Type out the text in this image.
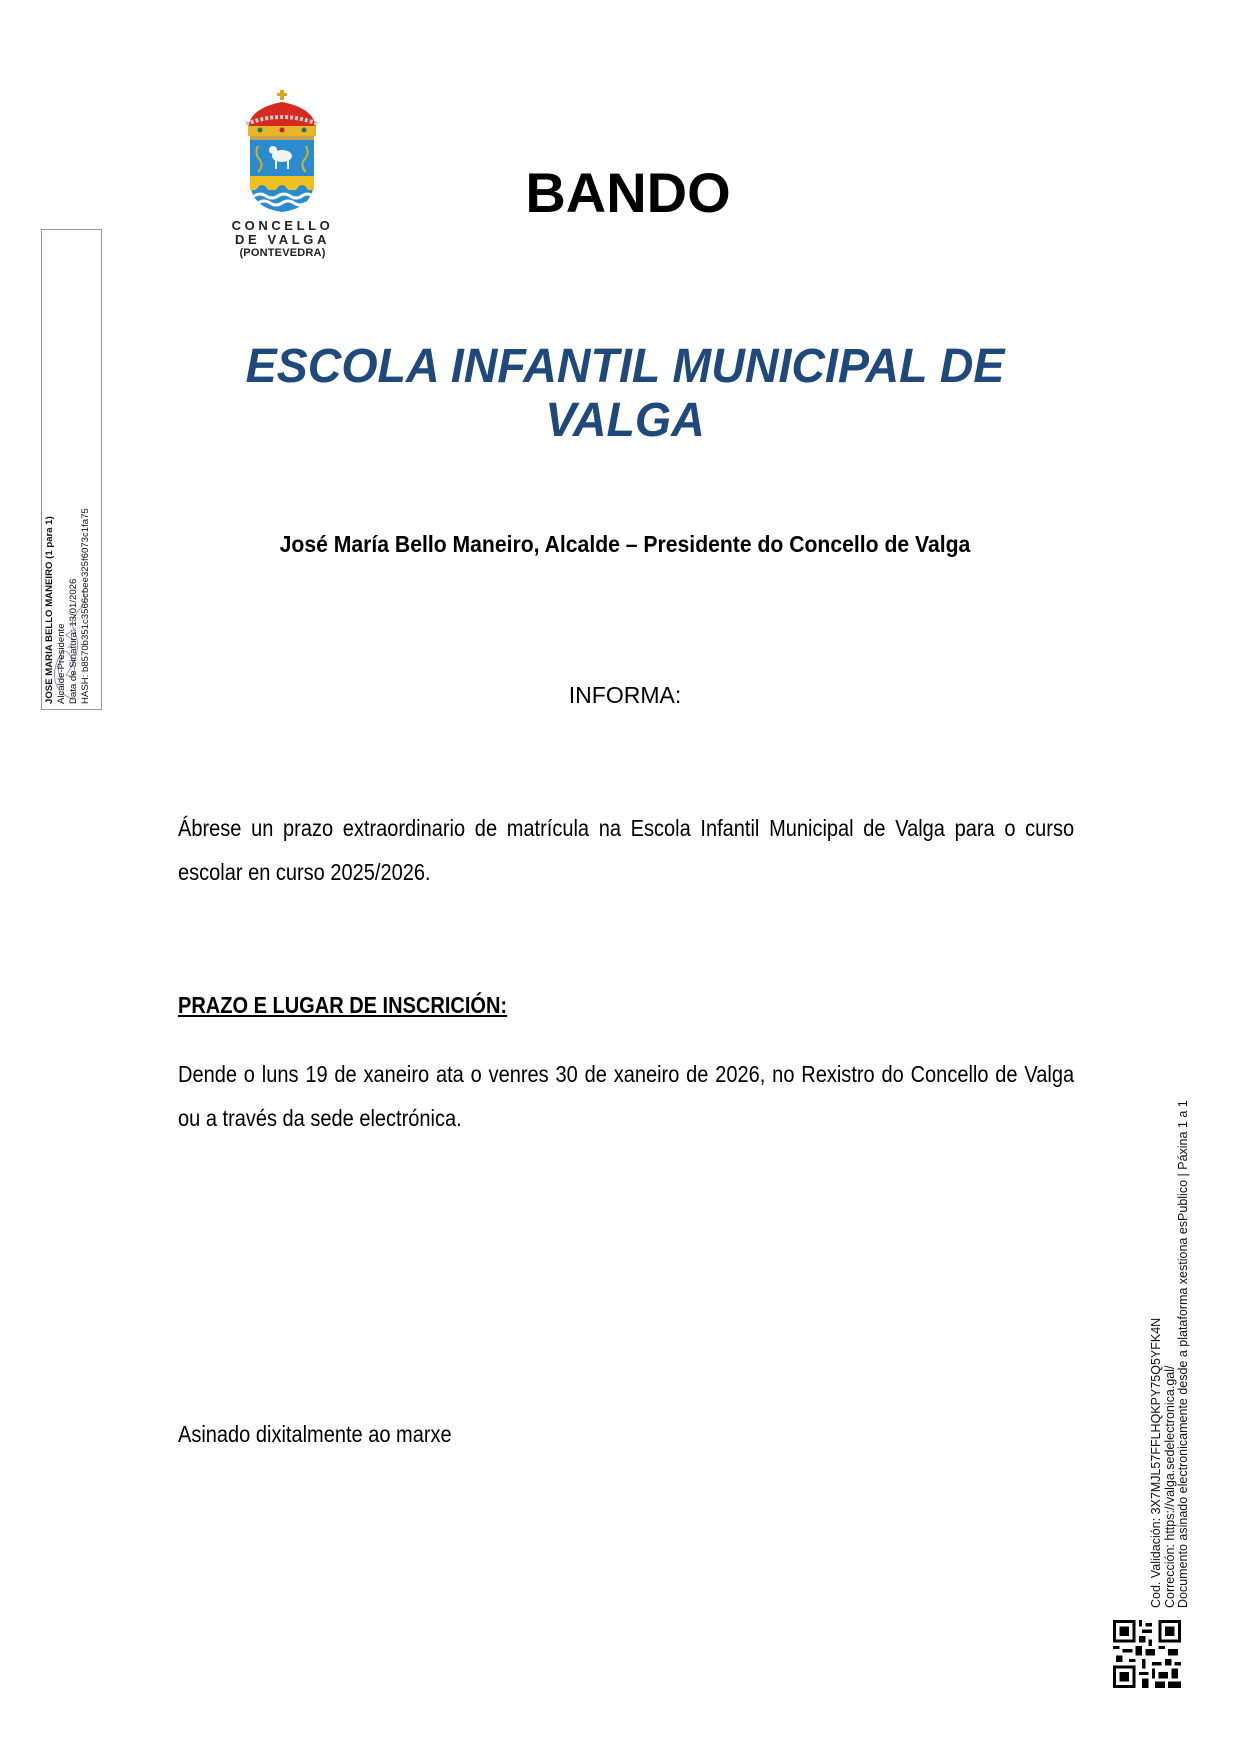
CONCELLO
DE VALGA
(PONTEVEDRA)
BANDO
ESCOLA INFANTIL MUNICIPAL DE
VALGA
José María Bello Maneiro, Alcalde – Presidente do Concello de Valga
INFORMA:
Ábrese un prazo extraordinario de matrícula na Escola Infantil Municipal de Valga para o curso escolar en curso 2025/2026.
PRAZO E LUGAR DE INSCRICIÓN:
Dende o luns 19 de xaneiro ata o venres 30 de xaneiro de 2026, no Rexistro do Concello de Valga ou a través da sede electrónica.
Asinado dixitalmente ao marxe
JOSE MARIA BELLO MANEIRO (1 para 1) Alcalde-Presidente Data de Sinatura: 13/01/2026 HASH: b8570b351c3566cbee325f6073c1fa75
Cod. Validación: 3X7MJL57FFLHQKPY75Q5YFK4N Corrección: https://valga.sedelectronica.gal/ Documento asinado electronicamente desde a plataforma xestiona esPublico | Páxina 1 a 1
